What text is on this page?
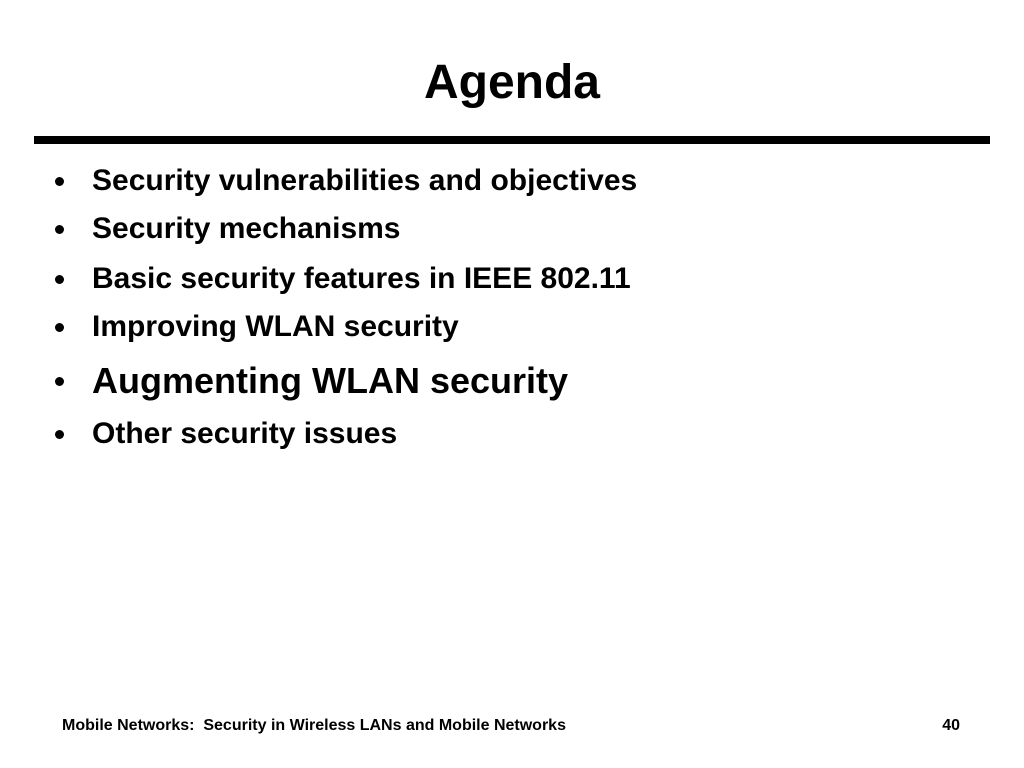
Agenda
Security vulnerabilities and objectives
Security mechanisms
Basic security features in IEEE 802.11
Improving WLAN security
Augmenting WLAN security
Other security issues
Mobile Networks:  Security in Wireless LANs and Mobile Networks	40
